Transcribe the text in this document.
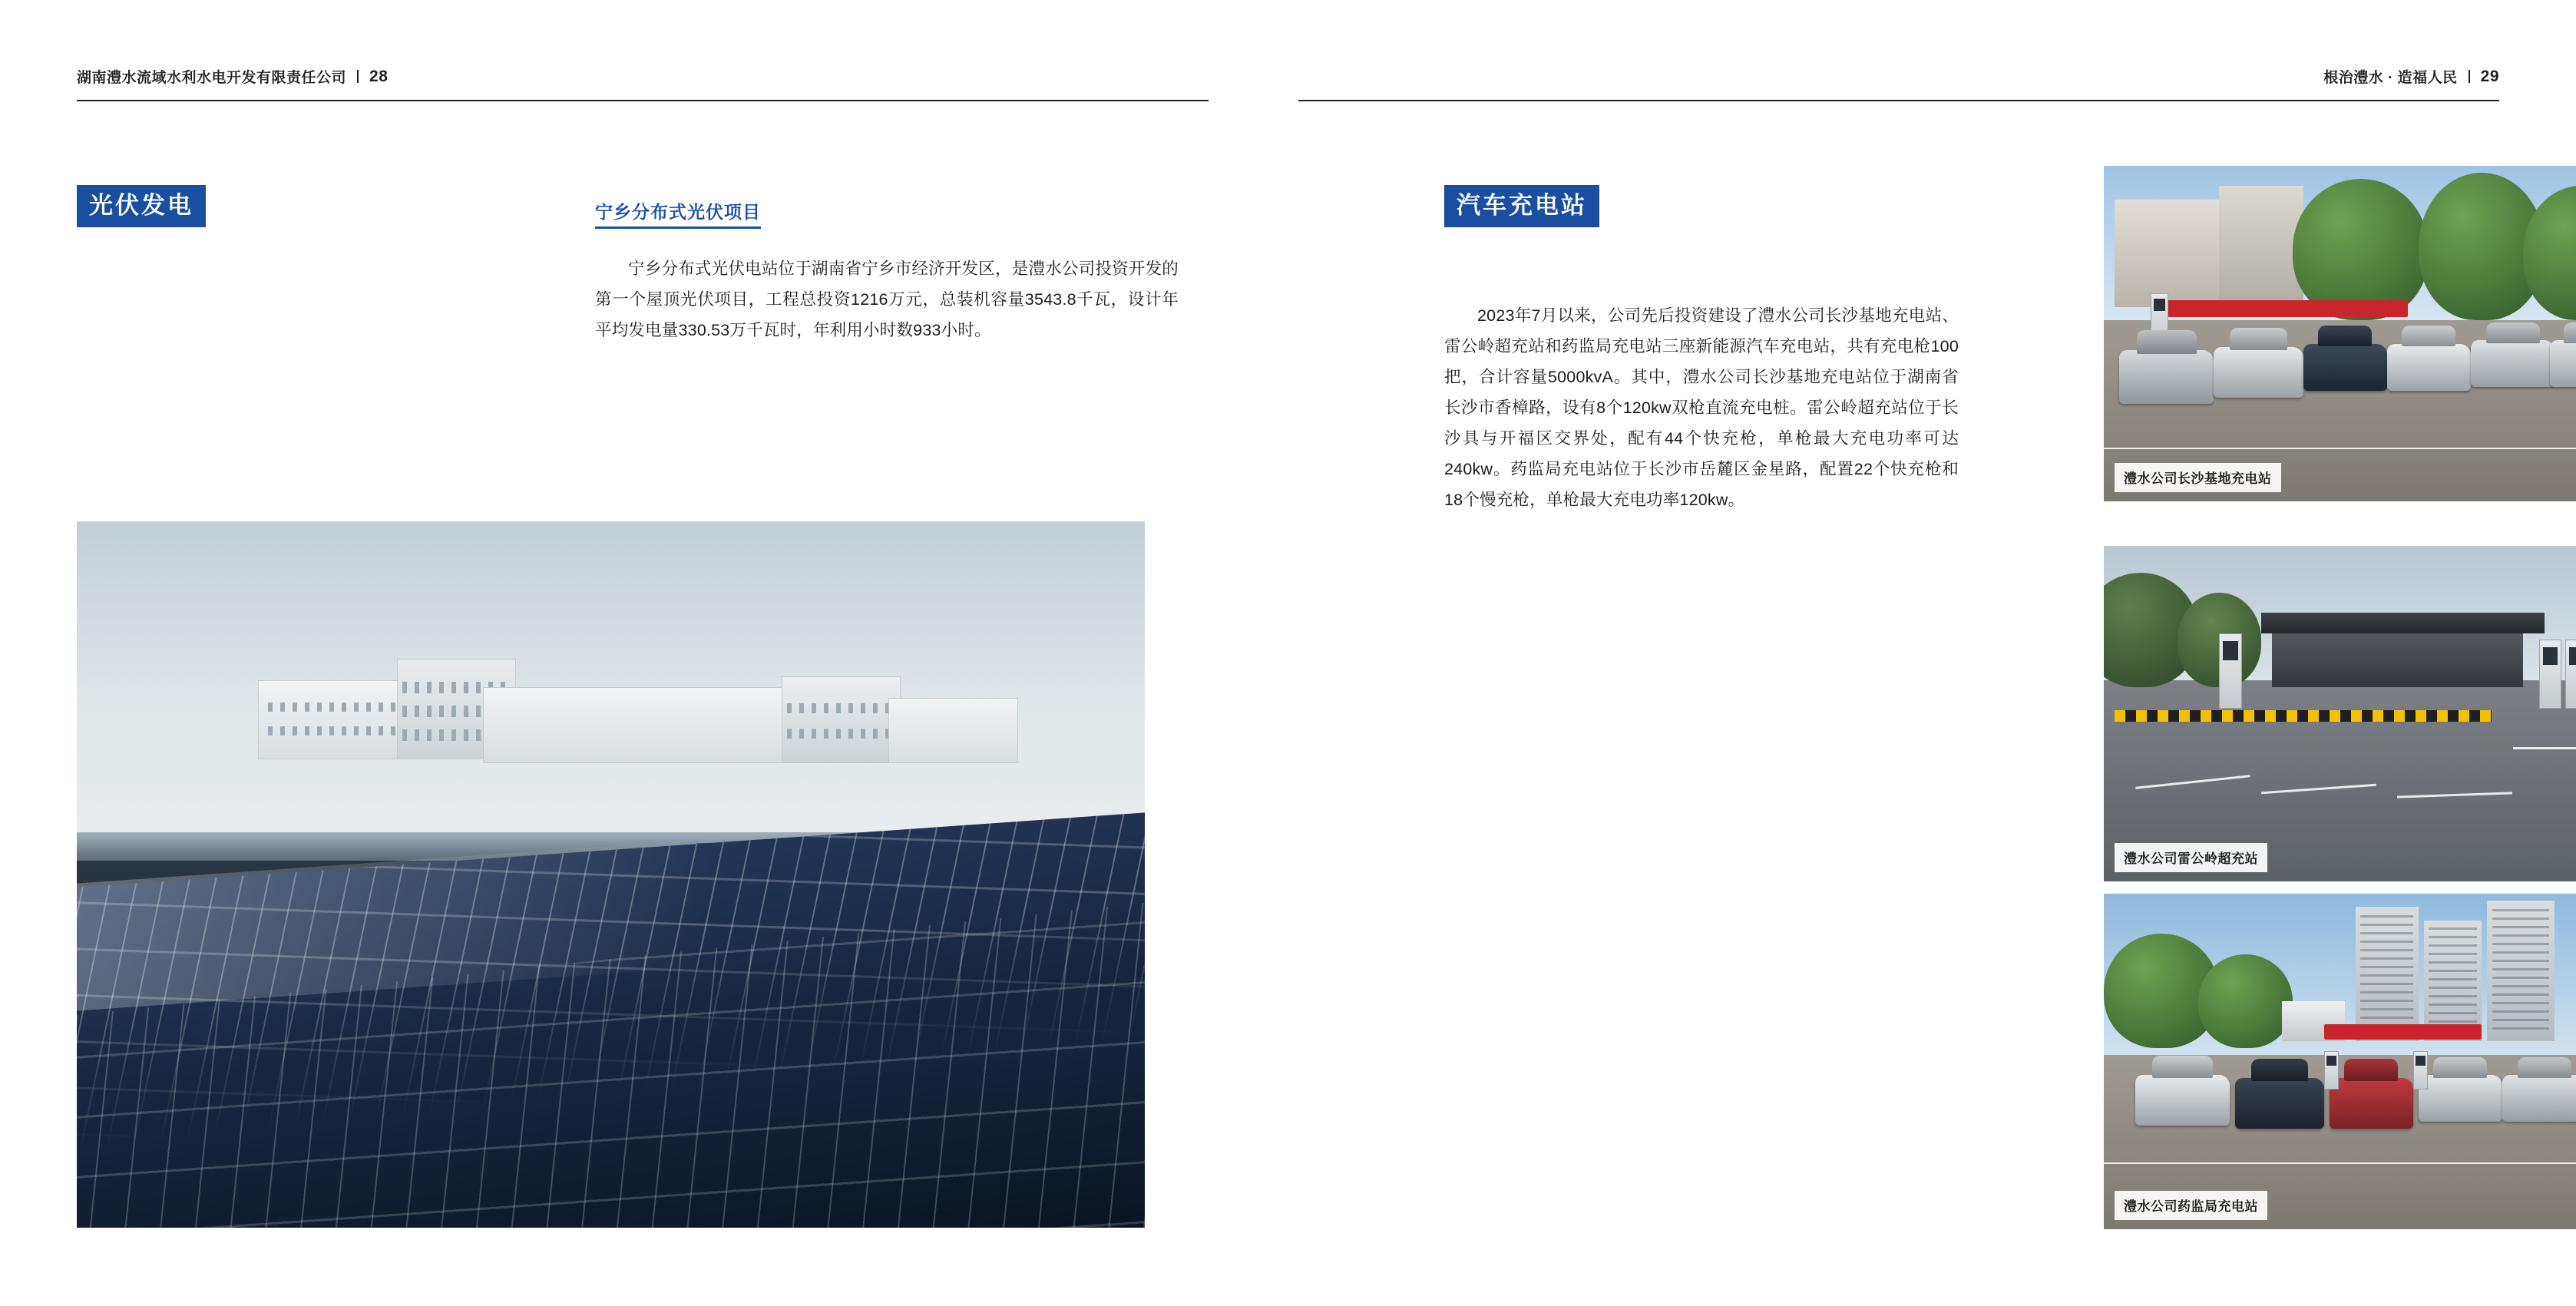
湖南澧水流域水利水电开发有限责任公司 28
光伏发电	宁乡分布式光伏项目

宁乡分布式光伏电站位于湖南省宁乡市经济开发区，是澧水公司投资开发的第一个屋顶光伏项目，工程总投资1216万元，总装机容量3543.8千瓦，设计年平均发电量330.53万千瓦时，年利用小时数933小时。

根治澧水 · 造福人民 29
汽车充电站

2023年7月以来，公司先后投资建设了澧水公司长沙基地充电站、雷公岭超充站和药监局充电站三座新能源汽车充电站，共有充电枪100把，合计容量5000kvA。其中，澧水公司长沙基地充电站位于湖南省长沙市香樟路，设有8个120kw双枪直流充电桩。雷公岭超充站位于长沙具与开福区交界处，配有44个快充枪，单枪最大充电功率可达240kw。药监局充电站位于长沙市岳麓区金星路，配置22个快充枪和18个慢充枪，单枪最大充电功率120kw。

澧水公司长沙基地充电站
澧水公司雷公岭超充站
澧水公司药监局充电站
